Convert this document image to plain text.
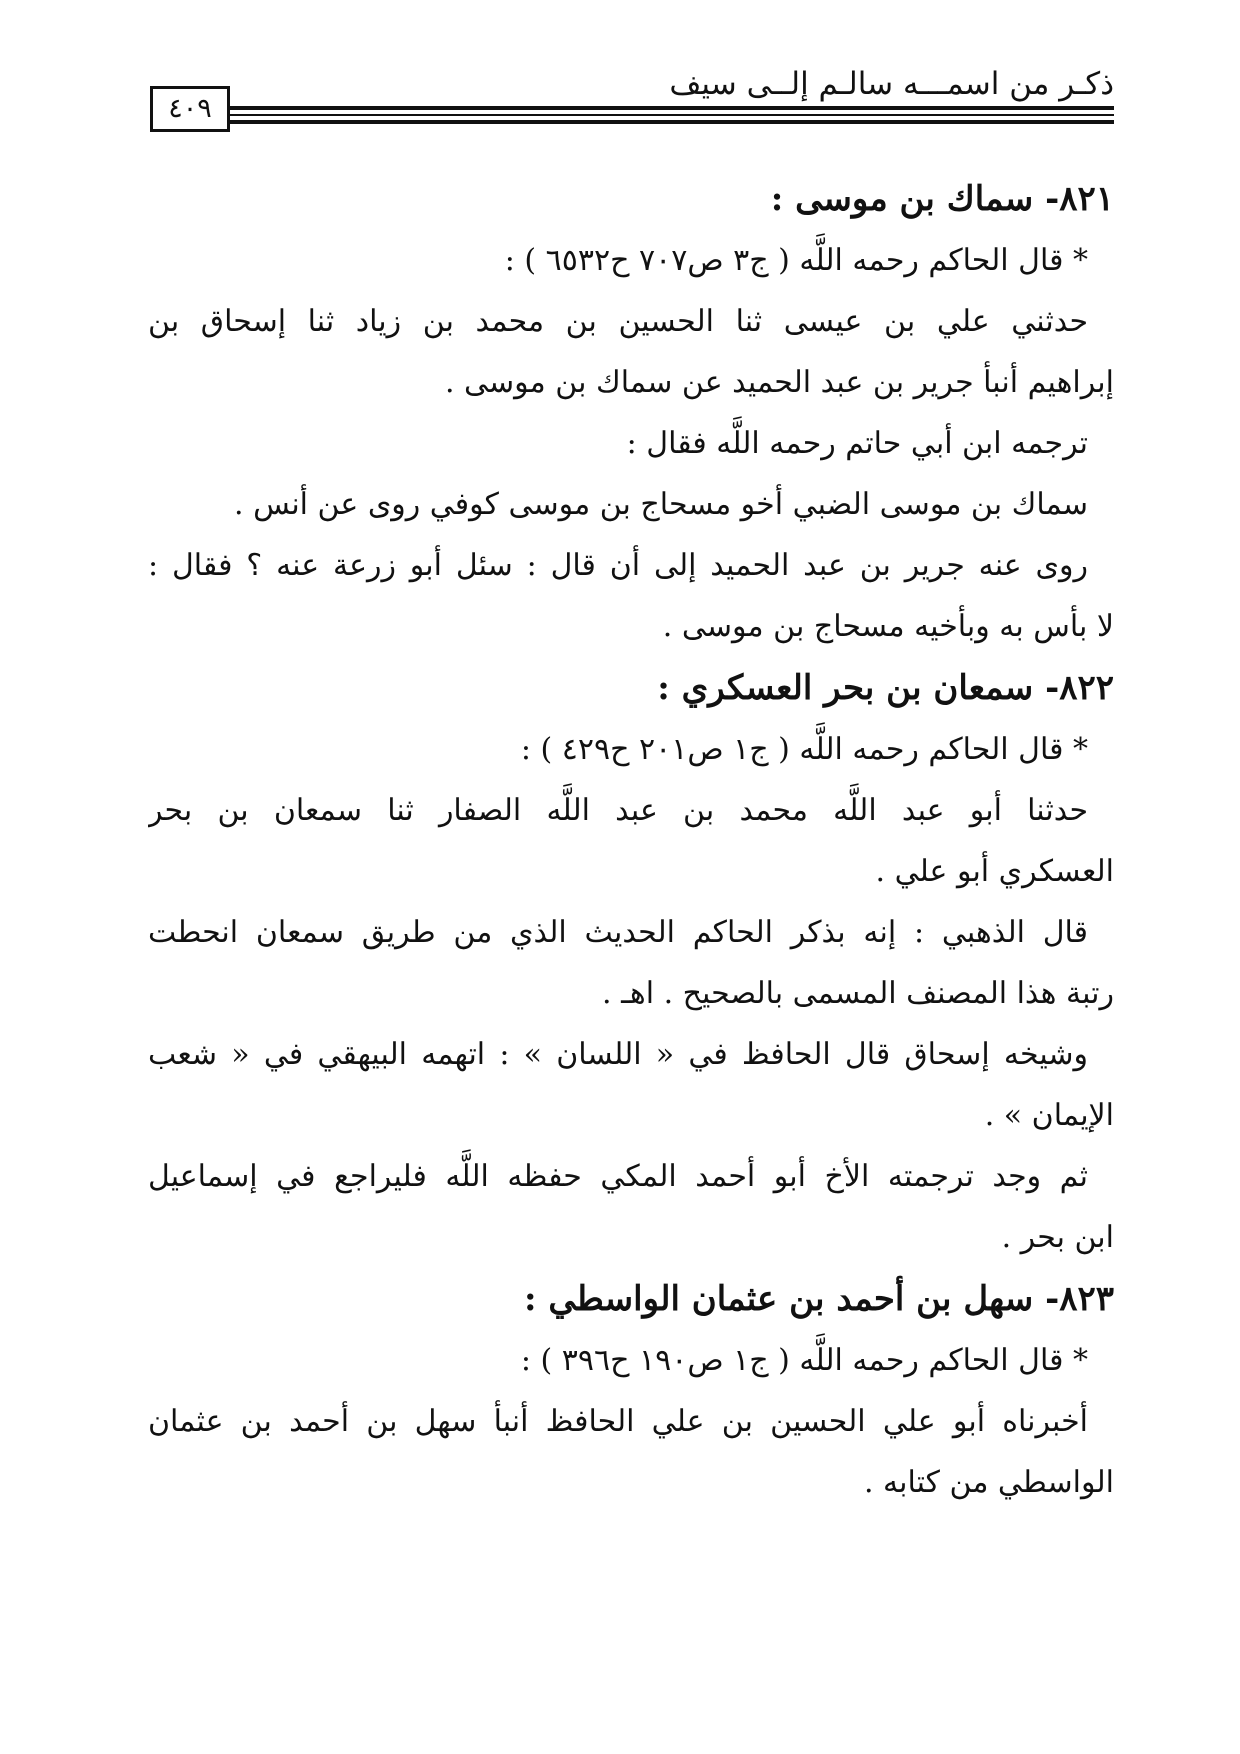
ذكـر من اسمـــه سالـم إلــى سيف
٤٠٩
٨٢١- سماك بن موسى :

* قال الحاكم رحمه اللَّه ( ج٣ ص٧٠٧ ح٦٥٣٢ ) :

حدثني علي بن عيسى ثنا الحسين بن محمد بن زياد ثنا إسحاق بن

إبراهيم أنبأ جرير بن عبد الحميد عن سماك بن موسى .

ترجمه ابن أبي حاتم رحمه اللَّه فقال :

سماك بن موسى الضبي أخو مسحاج بن موسى كوفي روى عن أنس .

روى عنه جرير بن عبد الحميد إلى أن قال : سئل أبو زرعة عنه ؟ فقال :

لا بأس به وبأخيه مسحاج بن موسى .

٨٢٢- سمعان بن بحر العسكري :

* قال الحاكم رحمه اللَّه ( ج١ ص٢٠١ ح٤٢٩ ) :

حدثنا أبو عبد اللَّه محمد بن عبد اللَّه الصفار ثنا سمعان بن بحر

العسكري أبو علي .

قال الذهبي : إنه بذكر الحاكم الحديث الذي من طريق سمعان انحطت

رتبة هذا المصنف المسمى بالصحيح . اهـ .

وشيخه إسحاق قال الحافظ في « اللسان » : اتهمه البيهقي في « شعب

الإيمان » .

ثم وجد ترجمته الأخ أبو أحمد المكي حفظه اللَّه فليراجع في إسماعيل

ابن بحر .

٨٢٣- سهل بن أحمد بن عثمان الواسطي :

* قال الحاكم رحمه اللَّه ( ج١ ص١٩٠ ح٣٩٦ ) :

أخبرناه أبو علي الحسين بن علي الحافظ أنبأ سهل بن أحمد بن عثمان

الواسطي من كتابه .
